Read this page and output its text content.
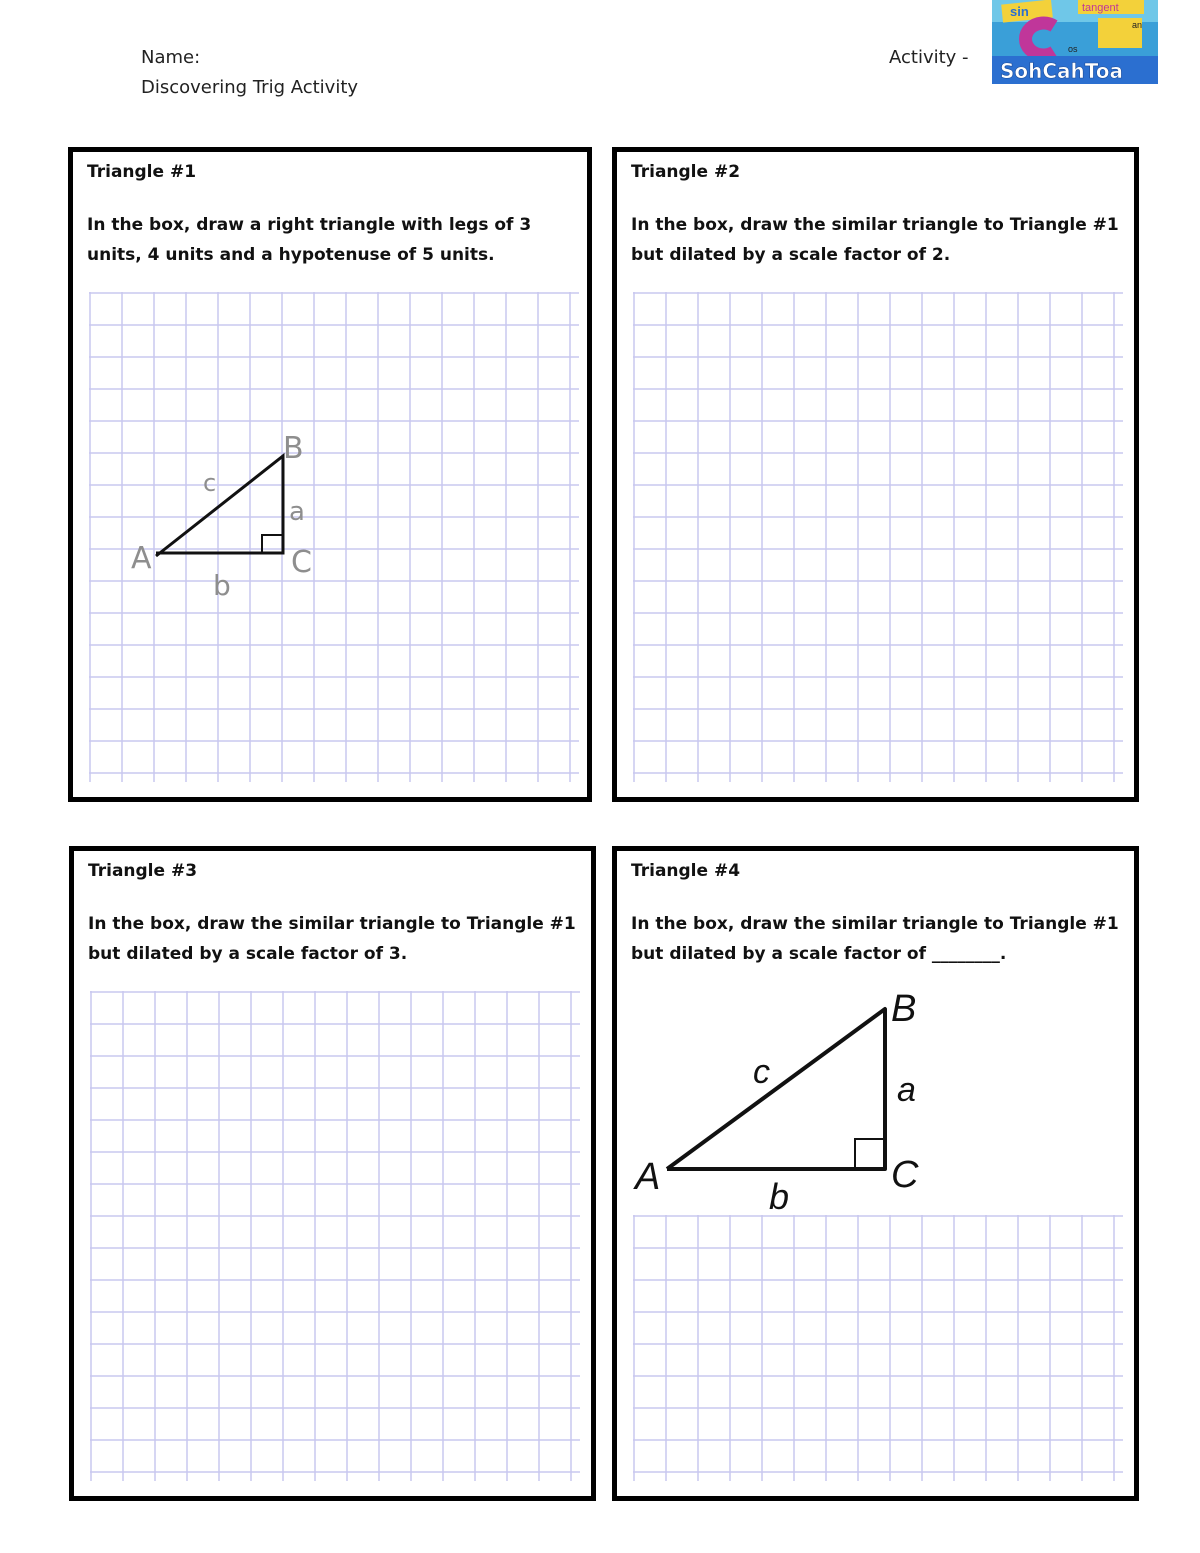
Name:
Discovering Trig Activity
Activity -
sin	tangent
an
os
SohCahToa
Triangle #1
In the box, draw a right triangle with legs of 3 units, 4 units and a hypotenuse of 5 units.
A
B
C
a
b
c
Triangle #2
In the box, draw the similar triangle to Triangle #1 but dilated by a scale factor of 2.
Triangle #3
In the box, draw the similar triangle to Triangle #1 but dilated by a scale factor of 3.
Triangle #4
In the box, draw the similar triangle to Triangle #1 but dilated by a scale factor of ________.
A
B
C
a
b
c
